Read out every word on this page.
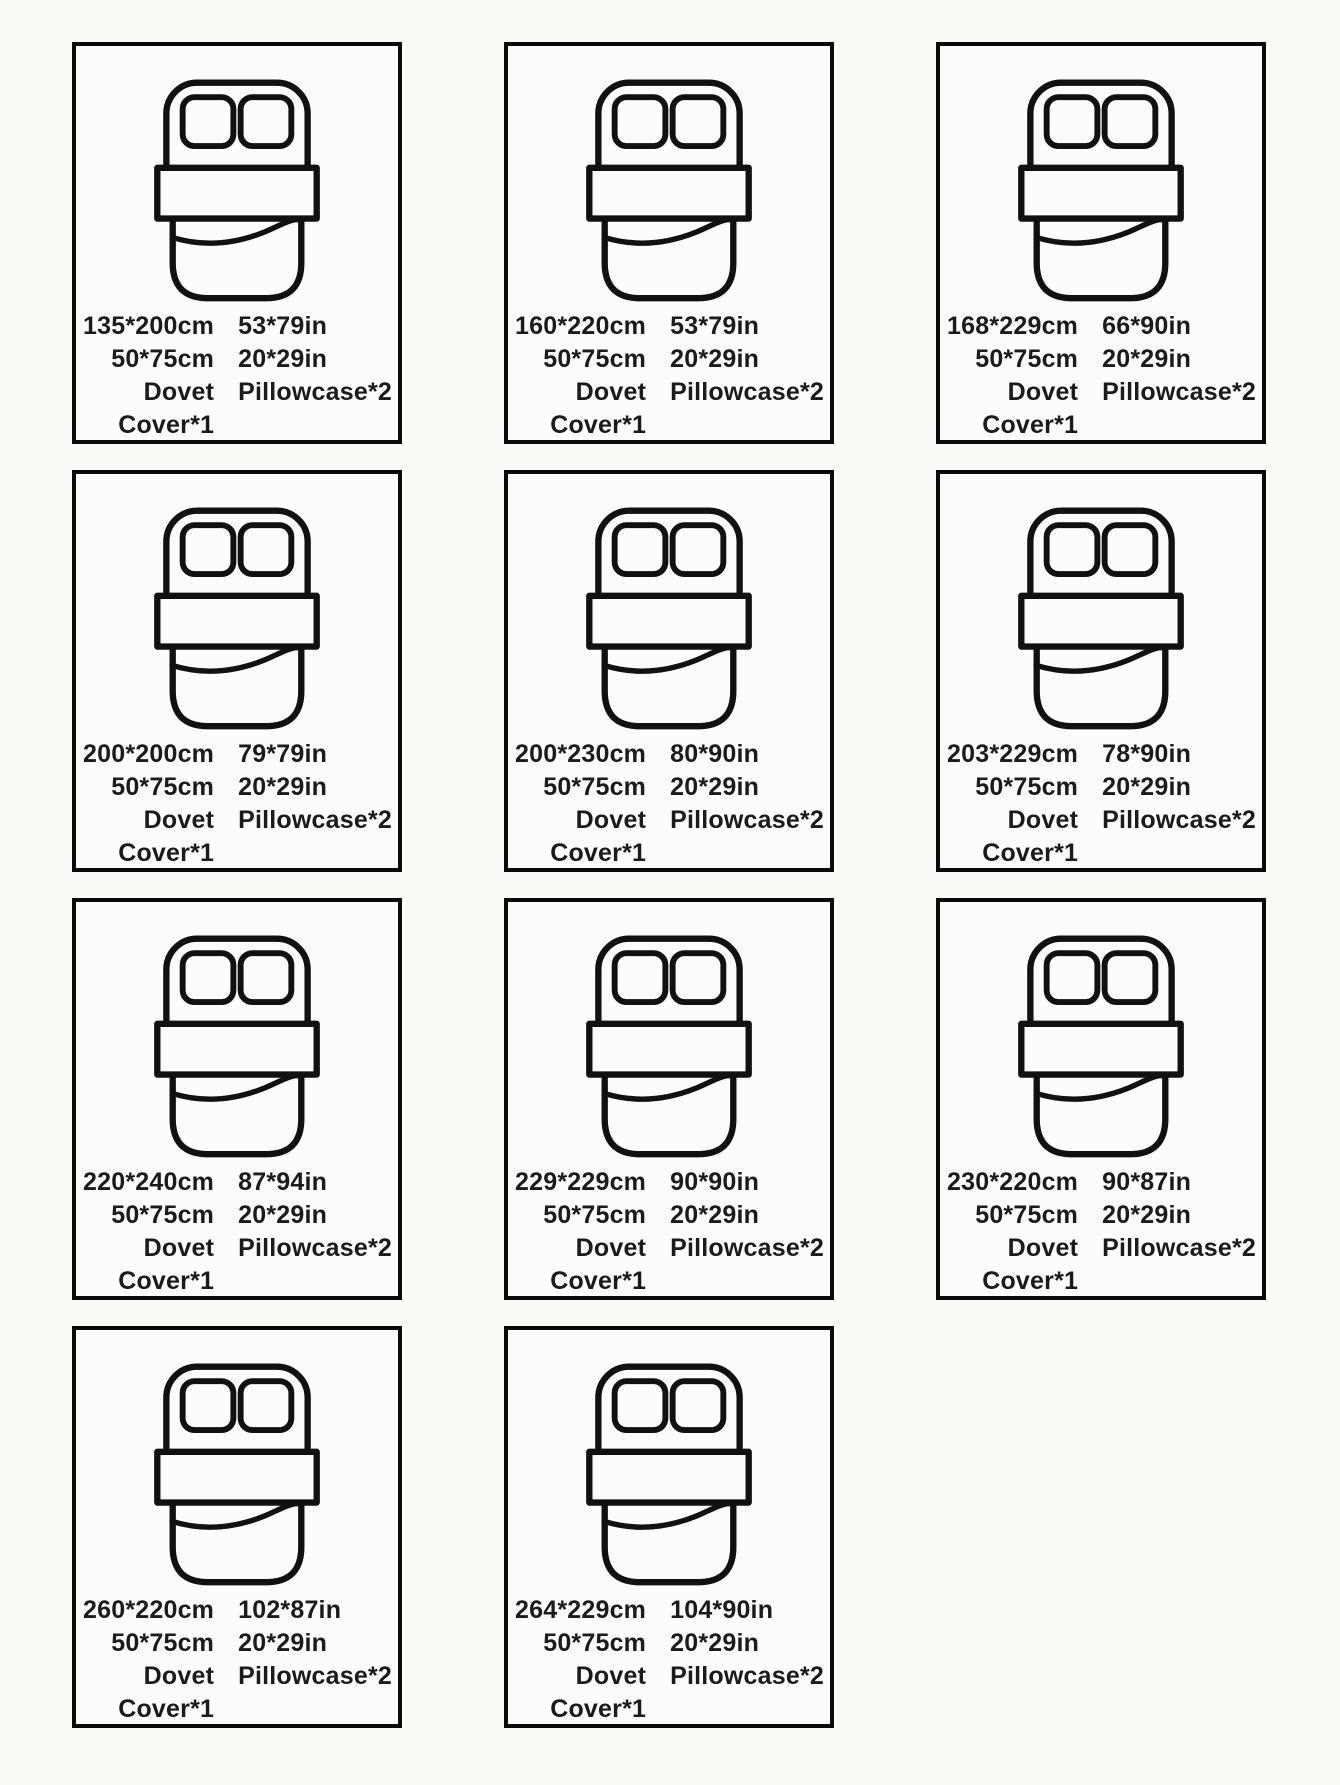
135*200cm 53*79in
50*75cm 20*29in
Dovet Cover*1
Pillowcase*2
160*220cm 53*79in
50*75cm 20*29in
Dovet Cover*1
Pillowcase*2
168*229cm 66*90in
50*75cm 20*29in
Dovet Cover*1
Pillowcase*2
200*200cm 79*79in
50*75cm 20*29in
Dovet Cover*1
Pillowcase*2
200*230cm 80*90in
50*75cm 20*29in
Dovet Cover*1
Pillowcase*2
203*229cm 78*90in
50*75cm 20*29in
Dovet Cover*1
Pillowcase*2
220*240cm 87*94in
50*75cm 20*29in
Dovet Cover*1
Pillowcase*2
229*229cm 90*90in
50*75cm 20*29in
Dovet Cover*1
Pillowcase*2
230*220cm 90*87in
50*75cm 20*29in
Dovet Cover*1
Pillowcase*2
260*220cm 102*87in
50*75cm 20*29in
Dovet Cover*1
Pillowcase*2
264*229cm 104*90in
50*75cm 20*29in
Dovet Cover*1
Pillowcase*2
